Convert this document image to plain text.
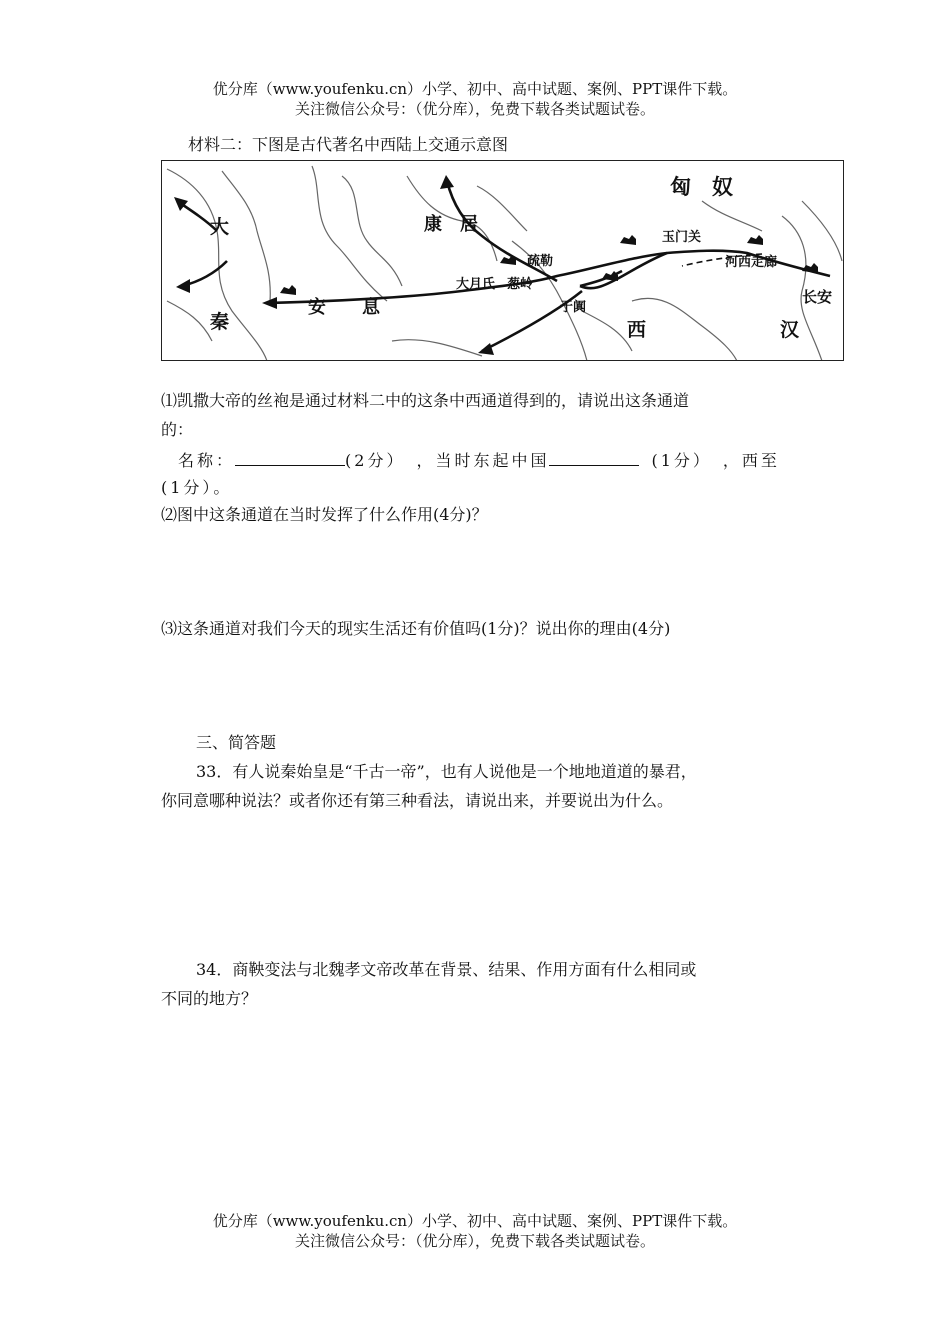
优分库（www.youfenku.cn）小学、初中、高中试题、案例、PPT课件下载。
关注微信公众号：（优分库），免费下载各类试题试卷。
材料二：下图是古代著名中西陆上交通示意图
匈　奴
大
秦
康　居
安　　息
疏勒
大月氏 葱岭
玉门关
河西走廊
长安
于阗
西	汉
⑴凯撒大帝的丝袍是通过材料二中的这条中西通道得到的，请说出这条通道
的：
名称：	(2分）　，当时东起中国	(1分）　，西至
(1分）。
⑵图中这条通道在当时发挥了什么作用(4分)？
⑶这条通道对我们今天的现实生活还有价值吗(1分)？说出你的理由(4分)
三、简答题
33．有人说秦始皇是“千古一帝”，也有人说他是一个地地道道的暴君，
你同意哪种说法？或者你还有第三种看法，请说出来，并要说出为什么。
34．商鞅变法与北魏孝文帝改革在背景、结果、作用方面有什么相同或
不同的地方？
优分库（www.youfenku.cn）小学、初中、高中试题、案例、PPT课件下载。
关注微信公众号：（优分库），免费下载各类试题试卷。
